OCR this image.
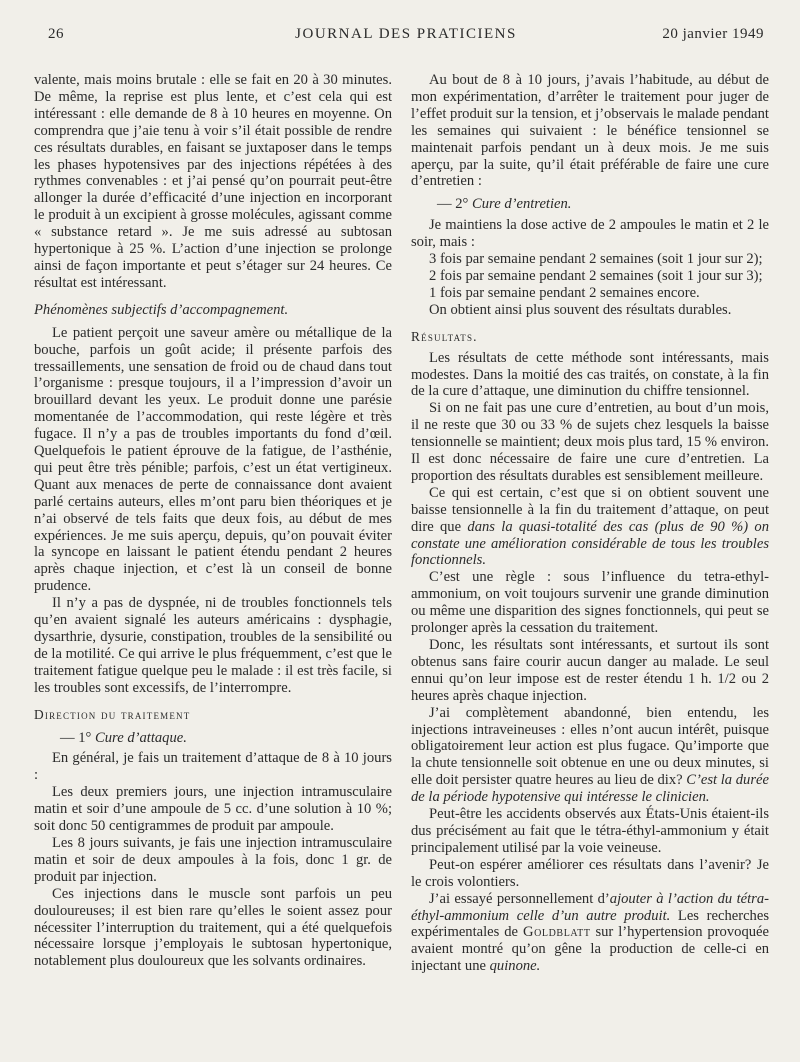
26	JOURNAL DES PRATICIENS	20 janvier 1949

valente, mais moins brutale : elle se fait en 20 à 30 minutes. De même, la reprise est plus lente, et c’est cela qui est intéressant : elle demande de 8 à 10 heures en moyenne. On comprendra que j’aie tenu à voir s’il était possible de rendre ces résultats durables, en faisant se juxtaposer dans le temps les phases hypotensives par des injections répétées à des rythmes convenables : et j’ai pensé qu’on pourrait peut-être allonger la durée d’efficacité d’une injection en incorporant le produit à un excipient à grosse molécules, agissant comme « substance retard ». Je me suis adressé au subtosan hypertonique à 25 %. L’action d’une injection se prolonge ainsi de façon importante et peut s’étager sur 24 heures. Ce résultat est intéressant.

Phénomènes subjectifs d’accompagnement.

Le patient perçoit une saveur amère ou métallique de la bouche, parfois un goût acide; il présente parfois des tressaillements, une sensation de froid ou de chaud dans tout l’organisme : presque toujours, il a l’impression d’avoir un brouillard devant les yeux. Le produit donne une parésie momentanée de l’accommodation, qui reste légère et très fugace. Il n’y a pas de troubles importants du fond d’œil. Quelquefois le patient éprouve de la fatigue, de l’asthénie, qui peut être très pénible; parfois, c’est un état vertigineux. Quant aux menaces de perte de connaissance dont avaient parlé certains auteurs, elles m’ont paru bien théoriques et je n’ai observé de tels faits que deux fois, au début de mes expériences. Je me suis aperçu, depuis, qu’on pouvait éviter la syncope en laissant le patient étendu pendant 2 heures après chaque injection, et c’est là un conseil de bonne prudence.

Il n’y a pas de dyspnée, ni de troubles fonctionnels tels qu’en avaient signalé les auteurs américains : dysphagie, dysarthrie, dysurie, constipation, troubles de la sensibilité ou de la motilité. Ce qui arrive le plus fréquemment, c’est que le traitement fatigue quelque peu le malade : il est très facile, si les troubles sont excessifs, de l’interrompre.

Direction du traitement

— 1° Cure d’attaque.

En général, je fais un traitement d’attaque de 8 à 10 jours :

Les deux premiers jours, une injection intramusculaire matin et soir d’une ampoule de 5 cc. d’une solution à 10 %; soit donc 50 centigrammes de produit par ampoule.

Les 8 jours suivants, je fais une injection intramusculaire matin et soir de deux ampoules à la fois, donc 1 gr. de produit par injection.

Ces injections dans le muscle sont parfois un peu douloureuses; il est bien rare qu’elles le soient assez pour nécessiter l’interruption du traitement, qui a été quelquefois nécessaire lorsque j’employais le subtosan hypertonique, notablement plus douloureux que les solvants ordinaires.

Au bout de 8 à 10 jours, j’avais l’habitude, au début de mon expérimentation, d’arrêter le traitement pour juger de l’effet produit sur la tension, et j’observais le malade pendant les semaines qui suivaient : le bénéfice tensionnel se maintenait parfois pendant un à deux mois. Je me suis aperçu, par la suite, qu’il était préférable de faire une cure d’entretien :

— 2° Cure d’entretien.

Je maintiens la dose active de 2 ampoules le matin et 2 le soir, mais :

3 fois par semaine pendant 2 semaines (soit 1 jour sur 2);

2 fois par semaine pendant 2 semaines (soit 1 jour sur 3);

1 fois par semaine pendant 2 semaines encore.

On obtient ainsi plus souvent des résultats durables.

Résultats.

Les résultats de cette méthode sont intéressants, mais modestes. Dans la moitié des cas traités, on constate, à la fin de la cure d’attaque, une diminution du chiffre tensionnel.

Si on ne fait pas une cure d’entretien, au bout d’un mois, il ne reste que 30 ou 33 % de sujets chez lesquels la baisse tensionnelle se maintient; deux mois plus tard, 15 % environ. Il est donc nécessaire de faire une cure d’entretien. La proportion des résultats durables est sensiblement meilleure.

Ce qui est certain, c’est que si on obtient souvent une baisse tensionnelle à la fin du traitement d’attaque, on peut dire que dans la quasi-totalité des cas (plus de 90 %) on constate une amélioration considérable de tous les troubles fonctionnels.

C’est une règle : sous l’influence du tetra-ethyl-ammonium, on voit toujours survenir une grande diminution ou même une disparition des signes fonctionnels, qui peut se prolonger après la cessation du traitement.

Donc, les résultats sont intéressants, et surtout ils sont obtenus sans faire courir aucun danger au malade. Le seul ennui qu’on leur impose est de rester étendu 1 h. 1/2 ou 2 heures après chaque injection.

J’ai complètement abandonné, bien entendu, les injections intraveineuses : elles n’ont aucun intérêt, puisque obligatoirement leur action est plus fugace. Qu’importe que la chute tensionnelle soit obtenue en une ou deux minutes, si elle doit persister quatre heures au lieu de dix? C’est la durée de la période hypotensive qui intéresse le clinicien.

Peut-être les accidents observés aux États-Unis étaient-ils dus précisément au fait que le tétra-éthyl-ammonium y était principalement utilisé par la voie veineuse.

Peut-on espérer améliorer ces résultats dans l’avenir? Je le crois volontiers.

J’ai essayé personnellement d’ajouter à l’action du tétra-éthyl-ammonium celle d’un autre produit. Les recherches expérimentales de Goldblatt sur l’hypertension provoquée avaient montré qu’on gêne la production de celle-ci en injectant une quinone.
